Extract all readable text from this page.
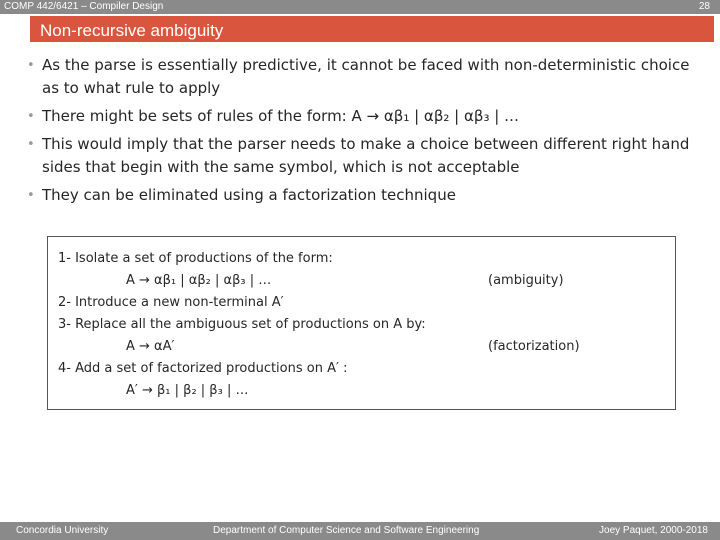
COMP 442/6421 – Compiler Design	28
Non-recursive ambiguity
• As the parse is essentially predictive, it cannot be faced with non-deterministic choice as to what rule to apply
• There might be sets of rules of the form: A → αβ₁ | αβ₂ | αβ₃ | …
• This would imply that the parser needs to make a choice between different right hand sides that begin with the same symbol, which is not acceptable
• They can be eliminated using a factorization technique
1- Isolate a set of productions of the form:
A → αβ₁ | αβ₂ | αβ₃ | …	(ambiguity)
2- Introduce a new non-terminal A′
3- Replace all the ambiguous set of productions on A by:
A → αA′	(factorization)
4- Add a set of factorized productions on A′ :
A′ → β₁ | β₂ | β₃ | …
Concordia University	Department of Computer Science and Software Engineering	Joey Paquet, 2000-2018
